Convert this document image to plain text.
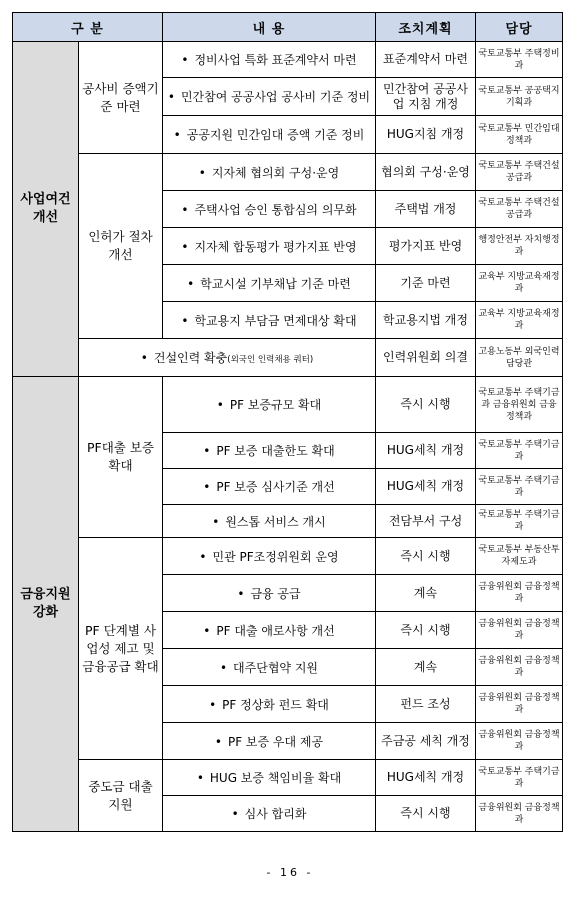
구 분		내 용	조치계획	담당
사업여건 개선	공사비 증액기준 마련	• 정비사업 특화 표준계약서 마련	표준계약서 마련	국토교통부 주택정비과
		• 민간참여 공공사업 공사비 기준 정비	민간참여 공공사업 지침 개정	국토교통부 공공택지기획과
		• 공공지원 민간임대 증액 기준 정비	HUG지침 개정	국토교통부 민간임대정책과
	인허가 절차 개선	• 지자체 협의회 구성·운영	협의회 구성·운영	국토교통부 주택건설공급과
		• 주택사업 승인 통합심의 의무화	주택법 개정	국토교통부 주택건설공급과
		• 지자체 합동평가 평가지표 반영	평가지표 반영	행정안전부 자치행정과
		• 학교시설 기부채납 기준 마련	기준 마련	교육부 지방교육재정과
		• 학교용지 부담금 면제대상 확대	학교용지법 개정	교육부 지방교육재정과
	• 건설인력 확충(외국인 인력채용 쿼터)		인력위원회 의결	고용노동부 외국인력담당관
금융지원 강화	PF대출 보증 확대	• PF 보증규모 확대	즉시 시행	국토교통부 주택기금과 금융위원회 금융정책과
		• PF 보증 대출한도 확대	HUG세칙 개정	국토교통부 주택기금과
		• PF 보증 심사기준 개선	HUG세칙 개정	국토교통부 주택기금과
		• 원스톱 서비스 개시	전담부서 구성	국토교통부 주택기금과
	PF 단계별 사업성 제고 및 금융공급 확대	• 민관 PF조정위원회 운영	즉시 시행	국토교통부 부동산투자제도과
		• 금융 공급	계속	금융위원회 금융정책과
		• PF 대출 애로사항 개선	즉시 시행	금융위원회 금융정책과
		• 대주단협약 지원	계속	금융위원회 금융정책과
		• PF 정상화 펀드 확대	펀드 조성	금융위원회 금융정책과
		• PF 보증 우대 제공	주금공 세칙 개정	금융위원회 금융정책과
	중도금 대출 지원	• HUG 보증 책임비율 확대	HUG세칙 개정	국토교통부 주택기금과
		• 심사 합리화	즉시 시행	금융위원회 금융정책과
- 16 -
